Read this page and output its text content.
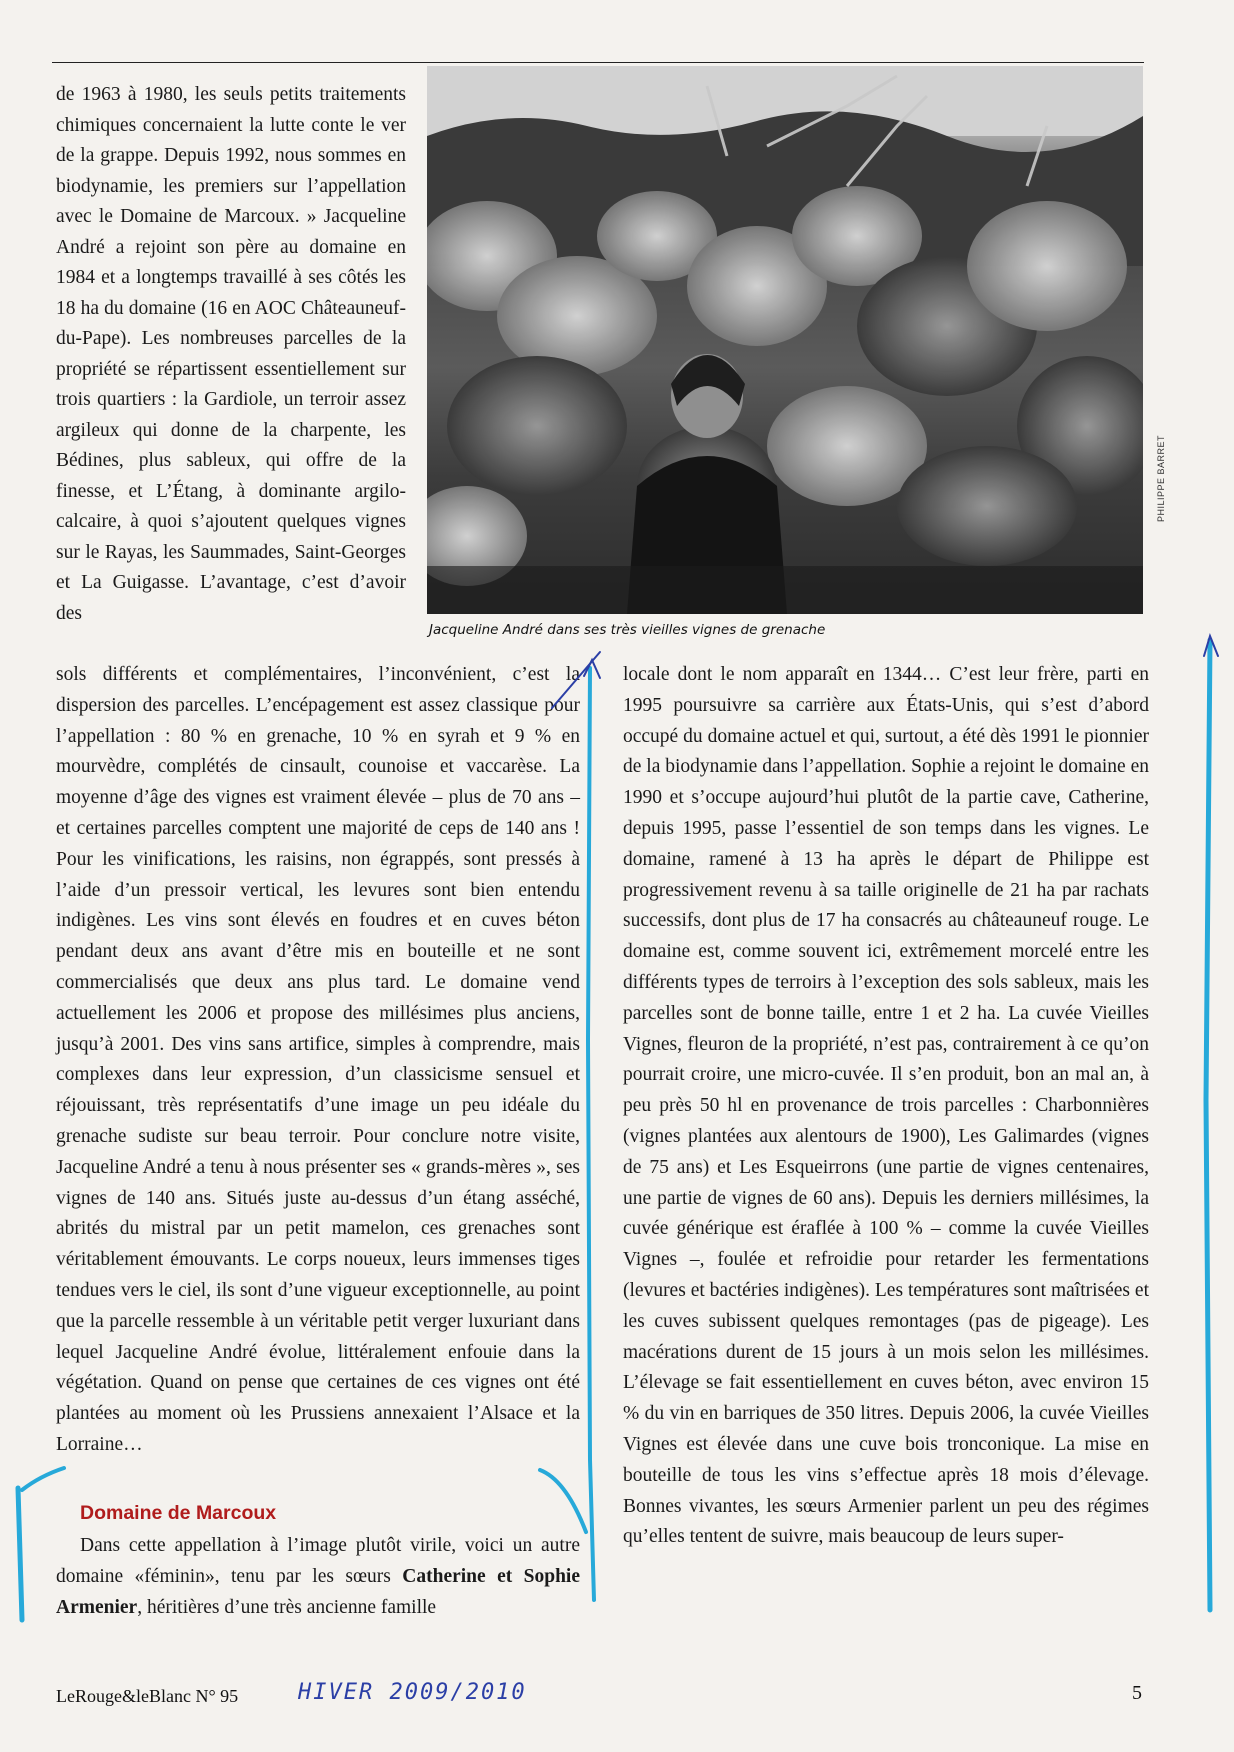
PHILIPPE BARRET
Jacqueline André dans ses très vieilles vignes de grenache

de 1963 à 1980, les seuls petits traitements chimiques concernaient la lutte conte le ver de la grappe. Depuis 1992, nous sommes en biodynamie, les premiers sur l’appellation avec le Domaine de Marcoux. » Jacqueline André a rejoint son père au domaine en 1984 et a longtemps travaillé à ses côtés les 18 ha du domaine (16 en AOC Châteauneuf-du-Pape). Les nombreuses parcelles de la propriété se répartissent essentiellement sur trois quartiers : la Gardiole, un terroir assez argileux qui donne de la charpente, les Bédines, plus sableux, qui offre de la finesse, et L’Étang, à dominante argilo-calcaire, à quoi s’ajoutent quelques vignes sur le Rayas, les Saummades, Saint-Georges et La Guigasse. L’avantage, c’est d’avoir des

sols différents et complémentaires, l’inconvénient, c’est la dispersion des parcelles. L’encépagement est assez classique pour l’appellation : 80 % en grenache, 10 % en syrah et 9 % en mourvèdre, complétés de cinsault, counoise et vaccarèse. La moyenne d’âge des vignes est vraiment élevée – plus de 70 ans – et certaines parcelles comptent une majorité de ceps de 140 ans ! Pour les vinifications, les raisins, non égrappés, sont pressés à l’aide d’un pressoir vertical, les levures sont bien entendu indigènes. Les vins sont élevés en foudres et en cuves béton pendant deux ans avant d’être mis en bouteille et ne sont commercialisés que deux ans plus tard. Le domaine vend actuellement les 2006 et propose des millésimes plus anciens, jusqu’à 2001. Des vins sans artifice, simples à comprendre, mais complexes dans leur expression, d’un classicisme sensuel et réjouissant, très représentatifs d’une image un peu idéale du grenache sudiste sur beau terroir. Pour conclure notre visite, Jacqueline André a tenu à nous présenter ses « grands-mères », ses vignes de 140 ans. Situés juste au-dessus d’un étang asséché, abrités du mistral par un petit mamelon, ces grenaches sont véritablement émouvants. Le corps noueux, leurs immenses tiges tendues vers le ciel, ils sont d’une vigueur exceptionnelle, au point que la parcelle ressemble à un véritable petit verger luxuriant dans lequel Jacqueline André évolue, littéralement enfouie dans la végétation. Quand on pense que certaines de ces vignes ont été plantées au moment où les Prussiens annexaient l’Alsace et la Lorraine…

Domaine de Marcoux

Dans cette appellation à l’image plutôt virile, voici un autre domaine «féminin», tenu par les sœurs Catherine et Sophie Armenier, héritières d’une très ancienne famille

locale dont le nom apparaît en 1344… C’est leur frère, parti en 1995 poursuivre sa carrière aux États-Unis, qui s’est d’abord occupé du domaine actuel et qui, surtout, a été dès 1991 le pionnier de la biodynamie dans l’appellation. Sophie a rejoint le domaine en 1990 et s’occupe aujourd’hui plutôt de la partie cave, Catherine, depuis 1995, passe l’essentiel de son temps dans les vignes. Le domaine, ramené à 13 ha après le départ de Philippe est progressivement revenu à sa taille originelle de 21 ha par rachats successifs, dont plus de 17 ha consacrés au châteauneuf rouge. Le domaine est, comme souvent ici, extrêmement morcelé entre les différents types de terroirs à l’exception des sols sableux, mais les parcelles sont de bonne taille, entre 1 et 2 ha. La cuvée Vieilles Vignes, fleuron de la propriété, n’est pas, contrairement à ce qu’on pourrait croire, une micro-cuvée. Il s’en produit, bon an mal an, à peu près 50 hl en provenance de trois parcelles : Charbonnières (vignes plantées aux alentours de 1900), Les Galimardes (vignes de 75 ans) et Les Esqueirrons (une partie de vignes centenaires, une partie de vignes de 60 ans). Depuis les derniers millésimes, la cuvée générique est éraflée à 100 % – comme la cuvée Vieilles Vignes –, foulée et refroidie pour retarder les fermentations (levures et bactéries indigènes). Les températures sont maîtrisées et les cuves subissent quelques remontages (pas de pigeage). Les macérations durent de 15 jours à un mois selon les millésimes. L’élevage se fait essentiellement en cuves béton, avec environ 15 % du vin en barriques de 350 litres. Depuis 2006, la cuvée Vieilles Vignes est élevée dans une cuve bois tronconique. La mise en bouteille de tous les vins s’effectue après 18 mois d’élevage. Bonnes vivantes, les sœurs Armenier parlent un peu des régimes qu’elles tentent de suivre, mais beaucoup de leurs super-

LeRouge&leBlanc N° 95	HIVER 2009/2010	5
